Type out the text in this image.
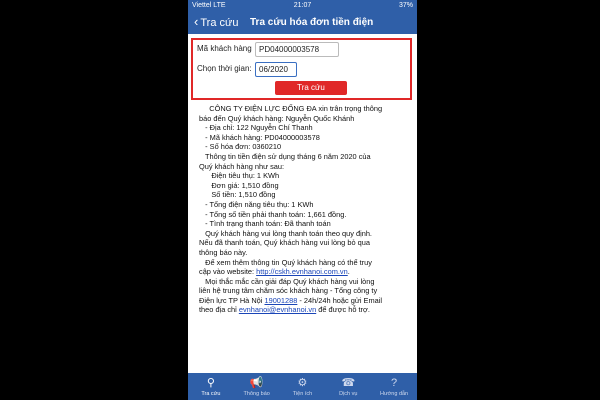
Viettel LTE	21:07	37%
‹ Tra cứu Tra cứu hóa đơn tiền điện
Mã khách hàng PD04000003578
Chọn thời gian: 06/2020
Tra cứu
CÔNG TY ĐIỆN LỰC ĐỐNG ĐA xin trân trọng thông
báo đến Quý khách hàng: Nguyễn Quốc Khánh
- Địa chỉ: 122 Nguyễn Chí Thanh
- Mã khách hàng: PD04000003578
- Số hóa đơn: 0360210
Thông tin tiền điện sử dụng tháng 6 năm 2020 của
Quý khách hàng như sau:
Điện tiêu thụ: 1 KWh
Đơn giá: 1,510 đồng
Số tiền: 1,510 đồng
- Tổng điện năng tiêu thụ: 1 KWh
- Tổng số tiền phải thanh toán: 1,661 đồng.
- Tình trạng thanh toán: Đã thanh toán
Quý khách hàng vui lòng thanh toán theo quy định.
Nếu đã thanh toán, Quý khách hàng vui lòng bỏ qua
thông báo này.
Để xem thêm thông tin Quý khách hàng có thể truy
cập vào website: http://cskh.evnhanoi.com.vn.
Mọi thắc mắc cần giải đáp Quý khách hàng vui lòng
liên hệ trung tâm chăm sóc khách hàng - Tổng công ty
Điện lực TP Hà Nội 19001288 - 24h/24h hoặc gửi Email
theo địa chỉ evnhanoi@evnhanoi.vn để được hỗ trợ.
⚲
Tra cứu
📢
Thông báo
⚙
Tiện ích
☎
Dịch vụ
?
Hướng dẫn
